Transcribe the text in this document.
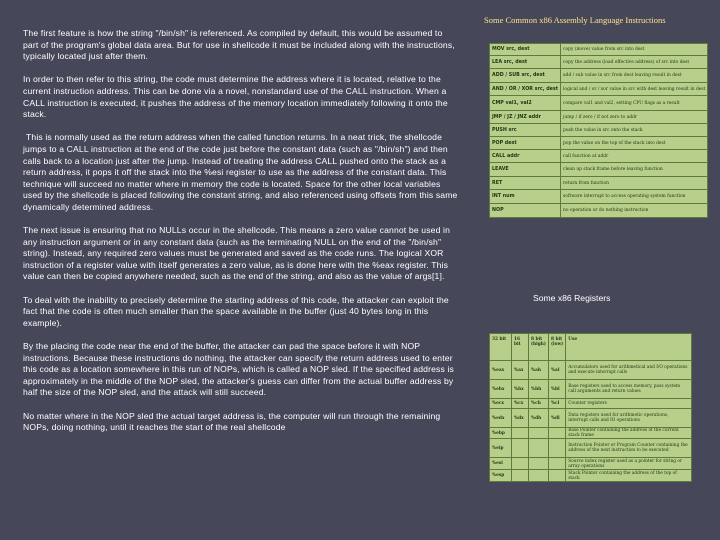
Some Common x86 Assembly Language Instructions

The first feature is how the string "/bin/sh" is referenced. As compiled by default, this would be assumed to part of the program's global data area. But for use in shellcode it must be included along with the instructions, typically located just after them.

In order to then refer to this string, the code must determine the address where it is located, relative to the current instruction address. This can be done via a novel, nonstandard use of the CALL instruction. When a CALL instruction is executed, it pushes the address of the memory location immediately following it onto the stack.

This is normally used as the return address when the called function returns. In a neat trick, the shellcode jumps to a CALL instruction at the end of the code just before the constant data (such as "/bin/sh") and then calls back to a location just after the jump. Instead of treating the address CALL pushed onto the stack as a return address, it pops it off the stack into the %esi register to use as the address of the constant data. This technique will succeed no matter where in memory the code is located. Space for the other local variables used by the shellcode is placed following the constant string, and also referenced using offsets from this same dynamically determined address.

The next issue is ensuring that no NULLs occur in the shellcode. This means a zero value cannot be used in any instruction argument or in any constant data (such as the terminating NULL on the end of the "/bin/sh" string). Instead, any required zero values must be generated and saved as the code runs. The logical XOR instruction of a register value with itself generates a zero value, as is done here with the %eax register. This value can then be copied anywhere needed, such as the end of the string, and also as the value of args[1].

To deal with the inability to precisely determine the starting address of this code, the attacker can exploit the fact that the code is often much smaller than the space available in the buffer (just 40 bytes long in this example).

By the placing the code near the end of the buffer, the attacker can pad the space before it with NOP instructions. Because these instructions do nothing, the attacker can specify the return address used to enter this code as a location somewhere in this run of NOPs, which is called a NOP sled. If the specified address is approximately in the middle of the NOP sled, the attacker's guess can differ from the actual buffer address by half the size of the NOP sled, and the attack will still succeed.

No matter where in the NOP sled the actual target address is, the computer will run through the remaining NOPs, doing nothing, until it reaches the start of the real shellcode

MOV src, dest	copy (move) value from src into dest
LEA src, dest	copy the address (load effective address) of src into dest
ADD / SUB src, dest	add / sub value in src from dest leaving result in dest
AND / OR / XOR src, dest	logical and / or / xor value in src with dest leaving result in dest
CMP val1, val2	compare val1 and val2, setting CPU flags as a result
JMP / JZ / JNZ addr	jump / if zero / if not zero to addr
PUSH src	push the value in src onto the stack
POP dest	pop the value on the top of the stack into dest
CALL addr	call function at addr
LEAVE	clean up stack frame before leaving function
RET	return from function
INT num	software interrupt to access operating system function
NOP	no operation or do nothing instruction
Some x86 Registers
32 bit	16 bit	8 bit (high)	8 bit (low)	Use
%eax	%ax	%ah	%al	Accumulators used for arithmetical and I/O operations and execute interrupt calls
%ebx	%bx	%bh	%bl	Base registers used to access memory, pass system call arguments and return values
%ecx	%cx	%ch	%cl	Counter registers
%edx	%dx	%dh	%dl	Data registers used for arithmetic operations, interrupt calls and IO operations
%ebp				Base Pointer containing the address of the current stack frame
%eip				Instruction Pointer or Program Counter containing the address of the next instruction to be executed
%esi				Source index register used as a pointer for string or array operations
%esp				Stack Pointer containing the address of the top of stack
